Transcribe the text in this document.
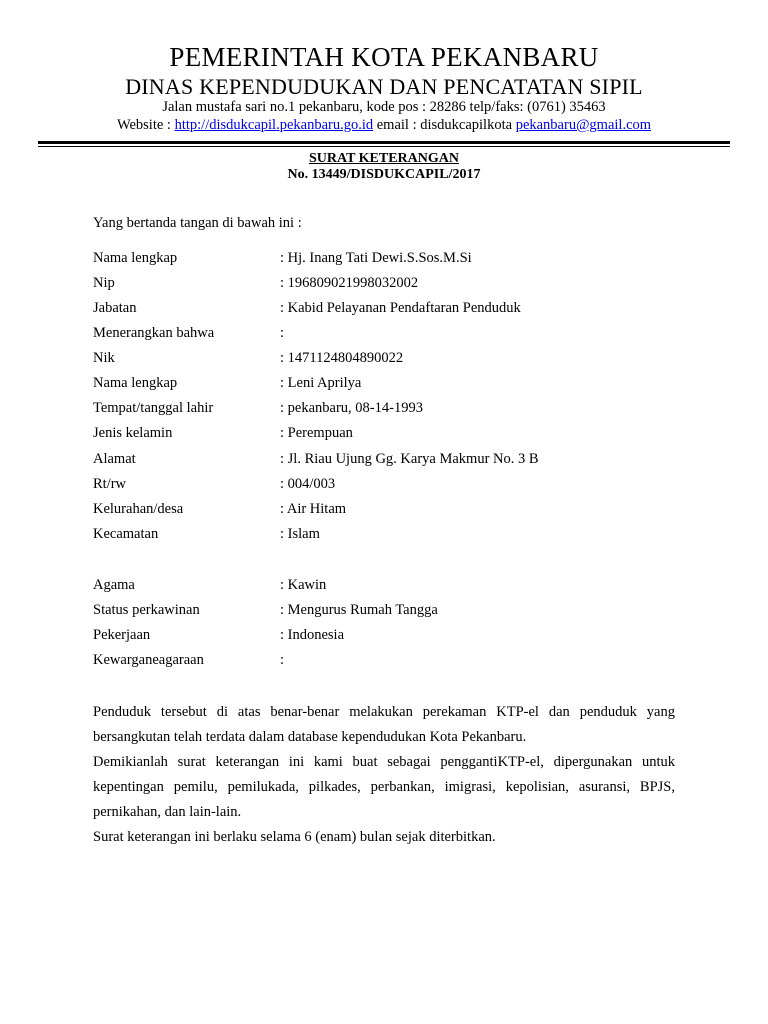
PEMERINTAH KOTA PEKANBARU
DINAS KEPENDUDUKAN DAN PENCATATAN SIPIL
Jalan mustafa sari no.1 pekanbaru, kode pos : 28286 telp/faks: (0761) 35463
Website : http://disdukcapil.pekanbaru.go.id email : disdukcapilkota pekanbaru@gmail.com
SURAT KETERANGAN
No. 13449/DISDUKCAPIL/2017
Yang bertanda tangan di bawah ini :
Nama lengkap	: Hj. Inang Tati Dewi.S.Sos.M.Si
Nip	: 196809021998032002
Jabatan	: Kabid Pelayanan Pendaftaran Penduduk
Menerangkan bahwa	:
Nik	: 1471124804890022
Nama lengkap	: Leni Aprilya
Tempat/tanggal lahir	: pekanbaru, 08-14-1993
Jenis kelamin	: Perempuan
Alamat	: Jl. Riau Ujung Gg. Karya Makmur No. 3 B
Rt/rw	: 004/003
Kelurahan/desa	: Air Hitam
Kecamatan	: Islam
Agama	: Kawin
Status perkawinan	: Mengurus Rumah Tangga
Pekerjaan	: Indonesia
Kewarganeagaraan	:
Penduduk tersebut di atas benar-benar melakukan perekaman KTP-el dan penduduk yang bersangkutan telah terdata dalam database kependudukan Kota Pekanbaru.
Demikianlah surat keterangan ini kami buat sebagai penggantiKTP-el, dipergunakan untuk kepentingan pemilu, pemilukada, pilkades, perbankan, imigrasi, kepolisian, asuransi, BPJS, pernikahan, dan lain-lain.
Surat keterangan ini berlaku selama 6 (enam) bulan sejak diterbitkan.
